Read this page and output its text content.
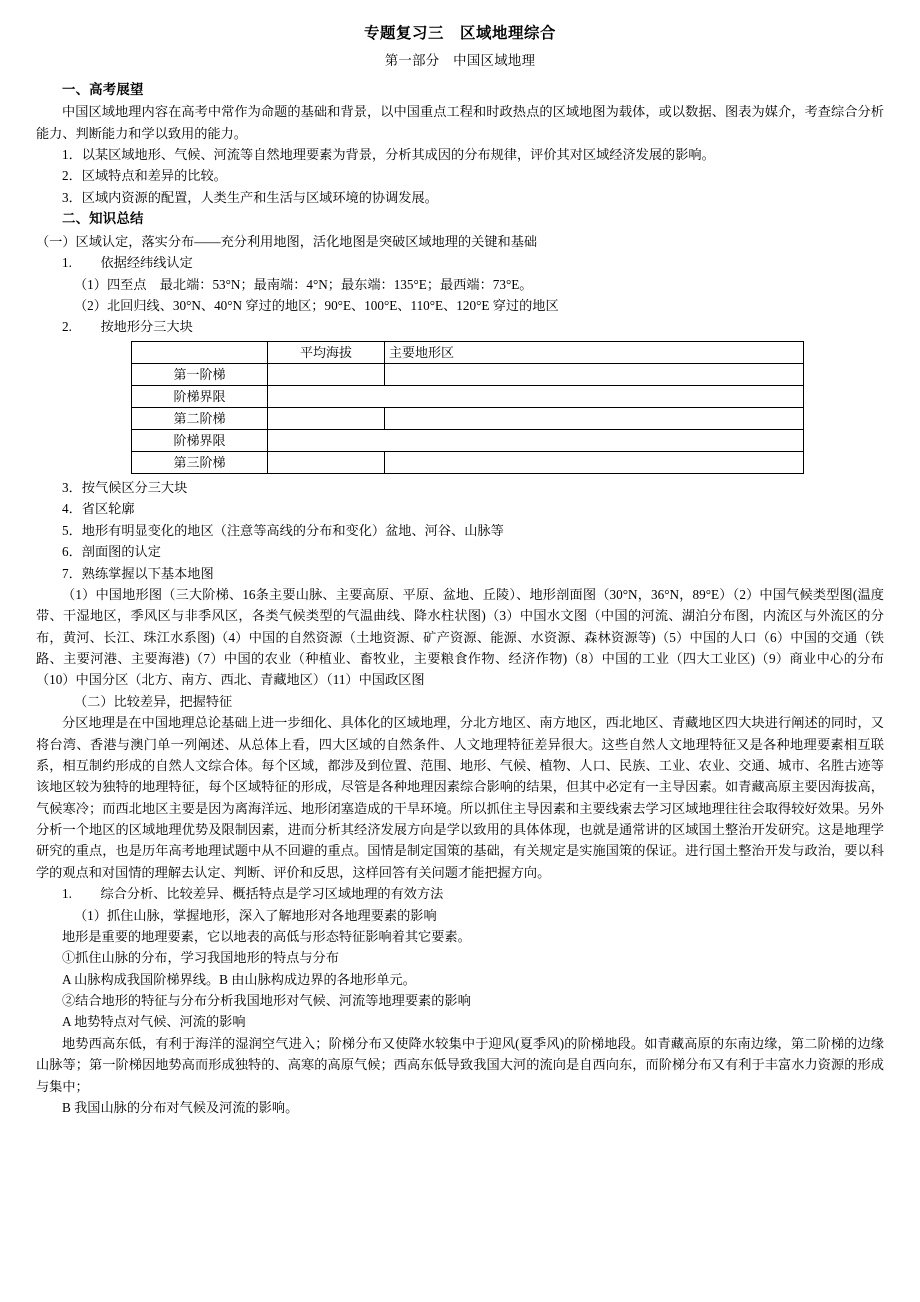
专题复习三　区域地理综合
第一部分　中国区域地理

一、高考展望

中国区域地理内容在高考中常作为命题的基础和背景，以中国重点工程和时政热点的区域地图为载体，或以数据、图表为媒介，考查综合分析能力、判断能力和学以致用的能力。

1．以某区域地形、气候、河流等自然地理要素为背景，分析其成因的分布规律，评价其对区域经济发展的影响。

2．区域特点和差异的比较。

3．区域内资源的配置，人类生产和生活与区域环境的协调发展。

二、知识总结

（一）区域认定，落实分布——充分利用地图，活化地图是突破区域地理的关键和基础

1. 依据经纬线认定

（1）四至点　最北端：53°N；最南端：4°N；最东端：135°E；最西端：73°E。

（2）北回归线、30°N、40°N 穿过的地区；90°E、100°E、110°E、120°E 穿过的地区

2. 按地形分三大块

	平均海拔	主要地形区
第一阶梯		
阶梯界限		
第二阶梯		
阶梯界限		
第三阶梯		

3．按气候区分三大块

4．省区轮廓

5．地形有明显变化的地区（注意等高线的分布和变化）盆地、河谷、山脉等

6．剖面图的认定

7．熟练掌握以下基本地图

（1）中国地形图（三大阶梯、16条主要山脉、主要高原、平原、盆地、丘陵）、地形剖面图（30°N，36°N，89°E）（2）中国气候类型图(温度带、干湿地区，季风区与非季风区，各类气候类型的气温曲线、降水柱状图)（3）中国水文图（中国的河流、湖泊分布图，内流区与外流区的分布，黄河、长江、珠江水系图)（4）中国的自然资源（土地资源、矿产资源、能源、水资源、森林资源等)（5）中国的人口（6）中国的交通（铁路、主要河港、主要海港)（7）中国的农业（种植业、畜牧业，主要粮食作物、经济作物)（8）中国的工业（四大工业区)（9）商业中心的分布（10）中国分区（北方、南方、西北、青藏地区）（11）中国政区图

（二）比较差异，把握特征

分区地理是在中国地理总论基础上进一步细化、具体化的区域地理，分北方地区、南方地区，西北地区、青藏地区四大块进行阐述的同时，又将台湾、香港与澳门单一列阐述、从总体上看，四大区域的自然条件、人文地理特征差异很大。这些自然人文地理特征又是各种地理要素相互联系，相互制约形成的自然人文综合体。每个区域，都涉及到位置、范围、地形、气候、植物、人口、民族、工业、农业、交通、城市、名胜古迹等该地区较为独特的地理特征，每个区域特征的形成，尽管是各种地理因素综合影响的结果，但其中必定有一主导因素。如青藏高原主要因海拔高，气候寒冷；而西北地区主要是因为离海洋远、地形闭塞造成的干旱环境。所以抓住主导因素和主要线索去学习区域地理往往会取得较好效果。另外分析一个地区的区域地理优势及限制因素，进而分析其经济发展方向是学以致用的具体体现，也就是通常讲的区域国土整治开发研究。这是地理学研究的重点，也是历年高考地理试题中从不回避的重点。国情是制定国策的基础，有关规定是实施国策的保证。进行国土整治开发与政治，要以科学的观点和对国情的理解去认定、判断、评价和反思，这样回答有关问题才能把握方向。

1. 综合分析、比较差异、概括特点是学习区域地理的有效方法

（1）抓住山脉，掌握地形，深入了解地形对各地理要素的影响

地形是重要的地理要素，它以地表的高低与形态特征影响着其它要素。

①抓住山脉的分布，学习我国地形的特点与分布

A 山脉构成我国阶梯界线。B 由山脉构成边界的各地形单元。

②结合地形的特征与分布分析我国地形对气候、河流等地理要素的影响

A 地势特点对气候、河流的影响

地势西高东低，有利于海洋的湿润空气进入；阶梯分布又使降水较集中于迎风(夏季风)的阶梯地段。如青藏高原的东南边缘，第二阶梯的边缘山脉等；第一阶梯因地势高而形成独特的、高寒的高原气候；西高东低导致我国大河的流向是自西向东，而阶梯分布又有利于丰富水力资源的形成与集中；

B 我国山脉的分布对气候及河流的影响。
